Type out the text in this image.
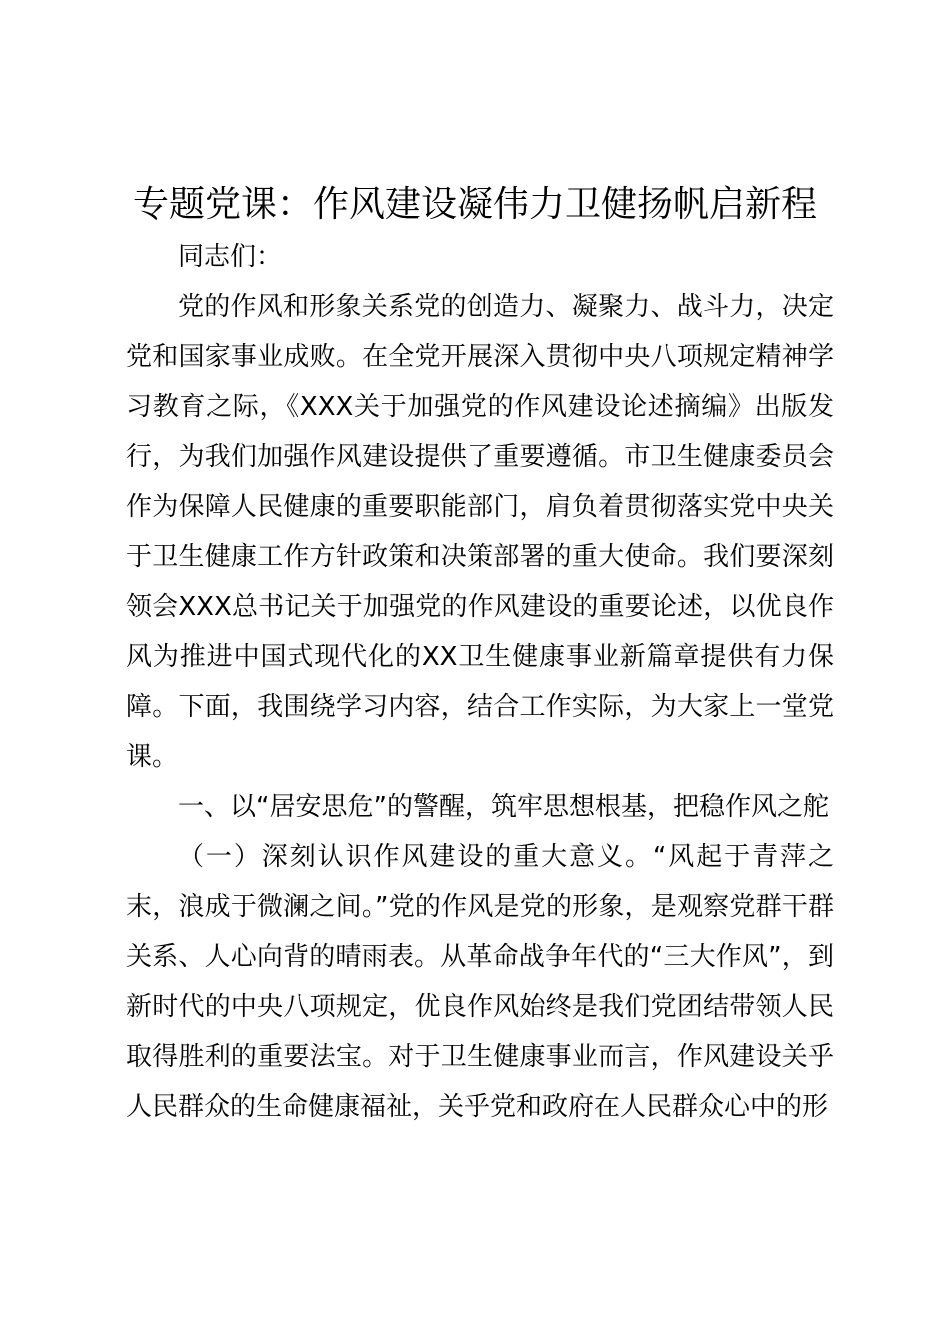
专题党课：作风建设凝伟力卫健扬帆启新程

同志们：

党的作风和形象关系党的创造力、凝聚力、战斗力，决定党和国家事业成败。在全党开展深入贯彻中央八项规定精神学习教育之际，《XXX关于加强党的作风建设论述摘编》出版发行，为我们加强作风建设提供了重要遵循。市卫生健康委员会作为保障人民健康的重要职能部门，肩负着贯彻落实党中央关于卫生健康工作方针政策和决策部署的重大使命。我们要深刻领会XXX总书记关于加强党的作风建设的重要论述，以优良作风为推进中国式现代化的XX卫生健康事业新篇章提供有力保障。下面，我围绕学习内容，结合工作实际，为大家上一堂党课。

一、以“居安思危”的警醒，筑牢思想根基，把稳作风之舵

（一）深刻认识作风建设的重大意义。“风起于青萍之末，浪成于微澜之间。”党的作风是党的形象，是观察党群干群关系、人心向背的晴雨表。从革命战争年代的“三大作风”，到新时代的中央八项规定，优良作风始终是我们党团结带领人民取得胜利的重要法宝。对于卫生健康事业而言，作风建设关乎人民群众的生命健康福祉，关乎党和政府在人民群众心中的形
